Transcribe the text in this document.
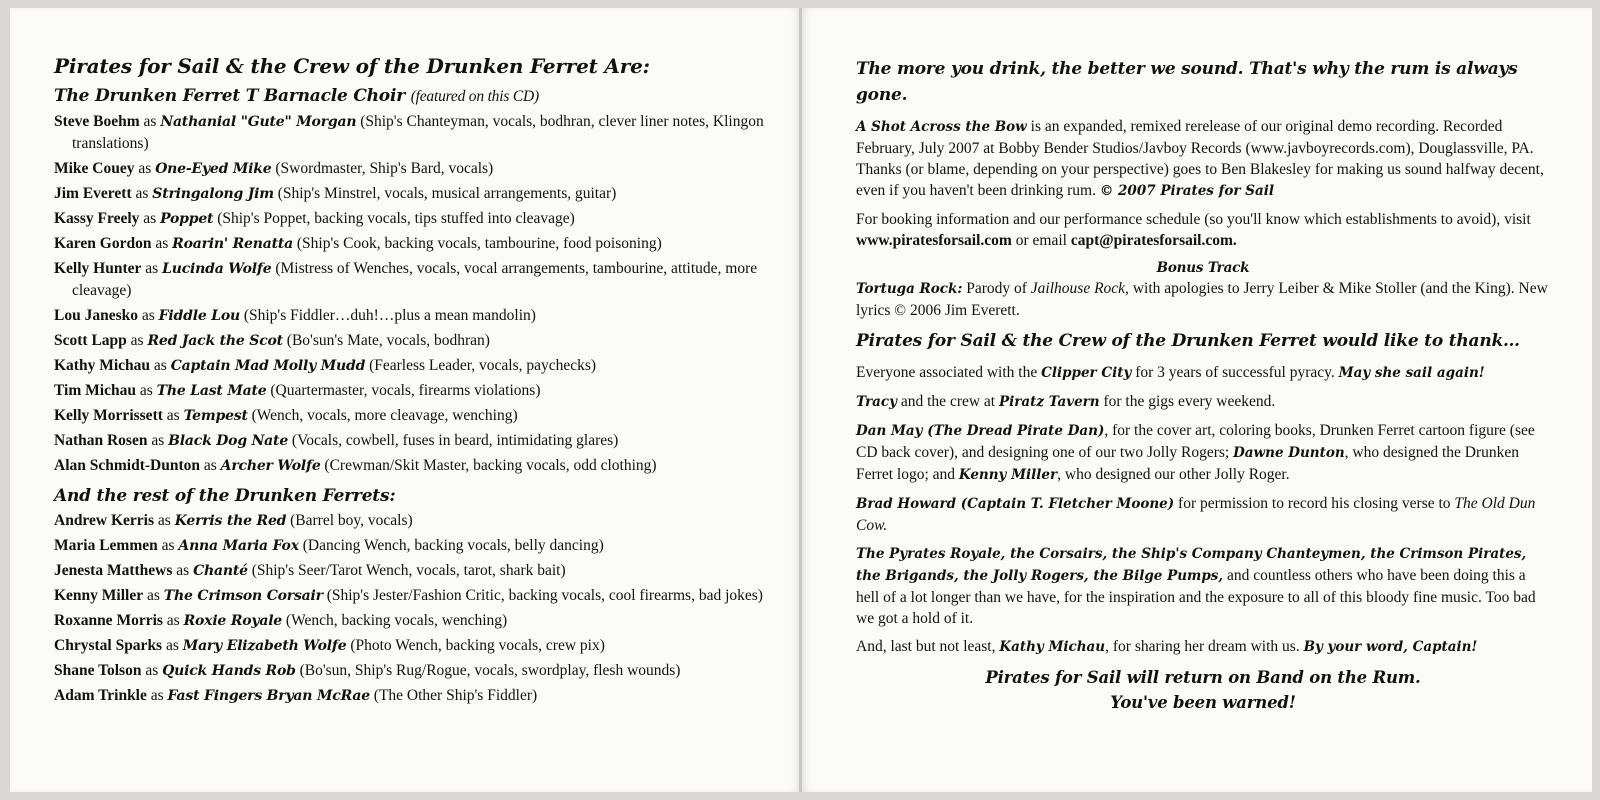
Pirates for Sail & the Crew of the Drunken Ferret Are:
The Drunken Ferret T Barnacle Choir (featured on this CD)

Steve Boehm as Nathanial "Gute" Morgan (Ship's Chanteyman, vocals, bodhran, clever liner notes, Klingon translations)

Mike Couey as One-Eyed Mike (Swordmaster, Ship's Bard, vocals)

Jim Everett as Stringalong Jim (Ship's Minstrel, vocals, musical arrangements, guitar)

Kassy Freely as Poppet (Ship's Poppet, backing vocals, tips stuffed into cleavage)

Karen Gordon as Roarin' Renatta (Ship's Cook, backing vocals, tambourine, food poisoning)

Kelly Hunter as Lucinda Wolfe (Mistress of Wenches, vocals, vocal arrangements, tambourine, attitude, more cleavage)

Lou Janesko as Fiddle Lou (Ship's Fiddler…duh!…plus a mean mandolin)

Scott Lapp as Red Jack the Scot (Bo'sun's Mate, vocals, bodhran)

Kathy Michau as Captain Mad Molly Mudd (Fearless Leader, vocals, paychecks)

Tim Michau as The Last Mate (Quartermaster, vocals, firearms violations)

Kelly Morrissett as Tempest (Wench, vocals, more cleavage, wenching)

Nathan Rosen as Black Dog Nate (Vocals, cowbell, fuses in beard, intimidating glares)

Alan Schmidt-Dunton as Archer Wolfe (Crewman/Skit Master, backing vocals, odd clothing)

And the rest of the Drunken Ferrets:

Andrew Kerris as Kerris the Red (Barrel boy, vocals)

Maria Lemmen as Anna Maria Fox (Dancing Wench, backing vocals, belly dancing)

Jenesta Matthews as Chanté (Ship's Seer/Tarot Wench, vocals, tarot, shark bait)

Kenny Miller as The Crimson Corsair (Ship's Jester/Fashion Critic, backing vocals, cool firearms, bad jokes)

Roxanne Morris as Roxie Royale (Wench, backing vocals, wenching)

Chrystal Sparks as Mary Elizabeth Wolfe (Photo Wench, backing vocals, crew pix)

Shane Tolson as Quick Hands Rob (Bo'sun, Ship's Rug/Rogue, vocals, swordplay, flesh wounds)

Adam Trinkle as Fast Fingers Bryan McRae (The Other Ship's Fiddler)

The more you drink, the better we sound. That's why the rum is always gone.

A Shot Across the Bow is an expanded, remixed rerelease of our original demo recording. Recorded February, July 2007 at Bobby Bender Studios/Javboy Records (www.javboyrecords.com), Douglassville, PA. Thanks (or blame, depending on your perspective) goes to Ben Blakesley for making us sound halfway decent, even if you haven't been drinking rum. © 2007 Pirates for Sail

For booking information and our performance schedule (so you'll know which establishments to avoid), visit www.piratesforsail.com or email capt@piratesforsail.com.

Bonus Track

Tortuga Rock: Parody of Jailhouse Rock, with apologies to Jerry Leiber & Mike Stoller (and the King). New lyrics © 2006 Jim Everett.

Pirates for Sail & the Crew of the Drunken Ferret would like to thank…

Everyone associated with the Clipper City for 3 years of successful pyracy. May she sail again!

Tracy and the crew at Piratz Tavern for the gigs every weekend.

Dan May (The Dread Pirate Dan), for the cover art, coloring books, Drunken Ferret cartoon figure (see CD back cover), and designing one of our two Jolly Rogers; Dawne Dunton, who designed the Drunken Ferret logo; and Kenny Miller, who designed our other Jolly Roger.

Brad Howard (Captain T. Fletcher Moone) for permission to record his closing verse to The Old Dun Cow.

The Pyrates Royale, the Corsairs, the Ship's Company Chanteymen, the Crimson Pirates, the Brigands, the Jolly Rogers, the Bilge Pumps, and countless others who have been doing this a hell of a lot longer than we have, for the inspiration and the exposure to all of this bloody fine music. Too bad we got a hold of it.

And, last but not least, Kathy Michau, for sharing her dream with us. By your word, Captain!

Pirates for Sail will return on Band on the Rum.
You've been warned!
